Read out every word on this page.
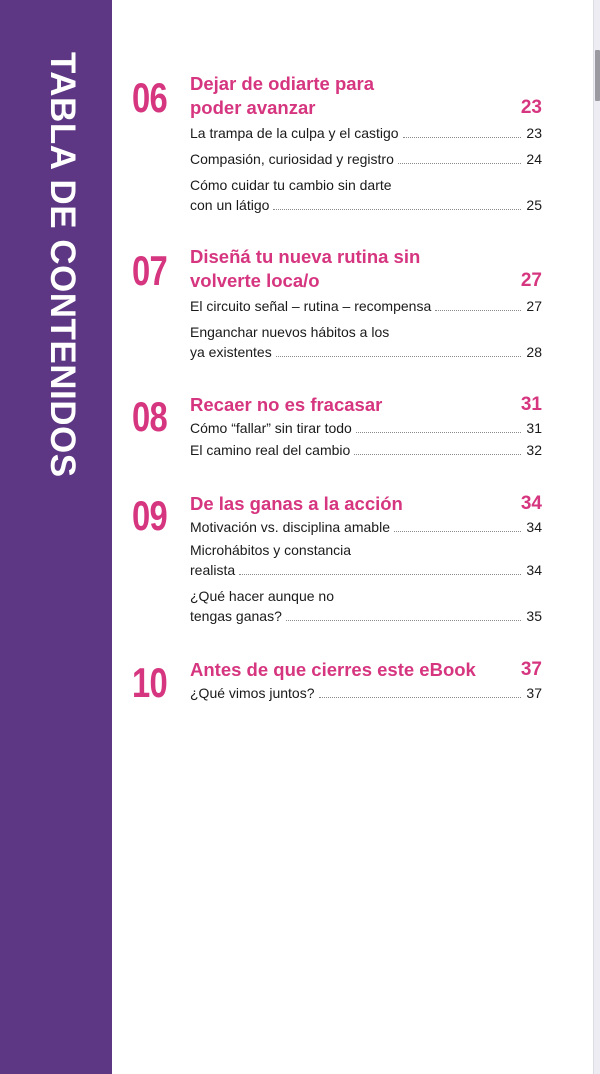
TABLA DE CONTENIDOS 06 Dejar de odiarte para
poder avanzar	23
La trampa de la culpa y el castigo	23
Compasión, curiosidad y registro	24
Cómo cuidar tu cambio sin darte
con un látigo	25
07 Diseñá tu nueva rutina sin
volverte loca/o	27
El circuito señal – rutina – recompensa	27
Enganchar nuevos hábitos a los
ya existentes	28
08 Recaer no es fracasar	31
Cómo “fallar” sin tirar todo	31
El camino real del cambio	32
09 De las ganas a la acción	34
Motivación vs. disciplina amable	34
Microhábitos y constancia
realista	34
¿Qué hacer aunque no
tengas ganas?	35
10 Antes de que cierres este eBook	37
¿Qué vimos juntos?	37
